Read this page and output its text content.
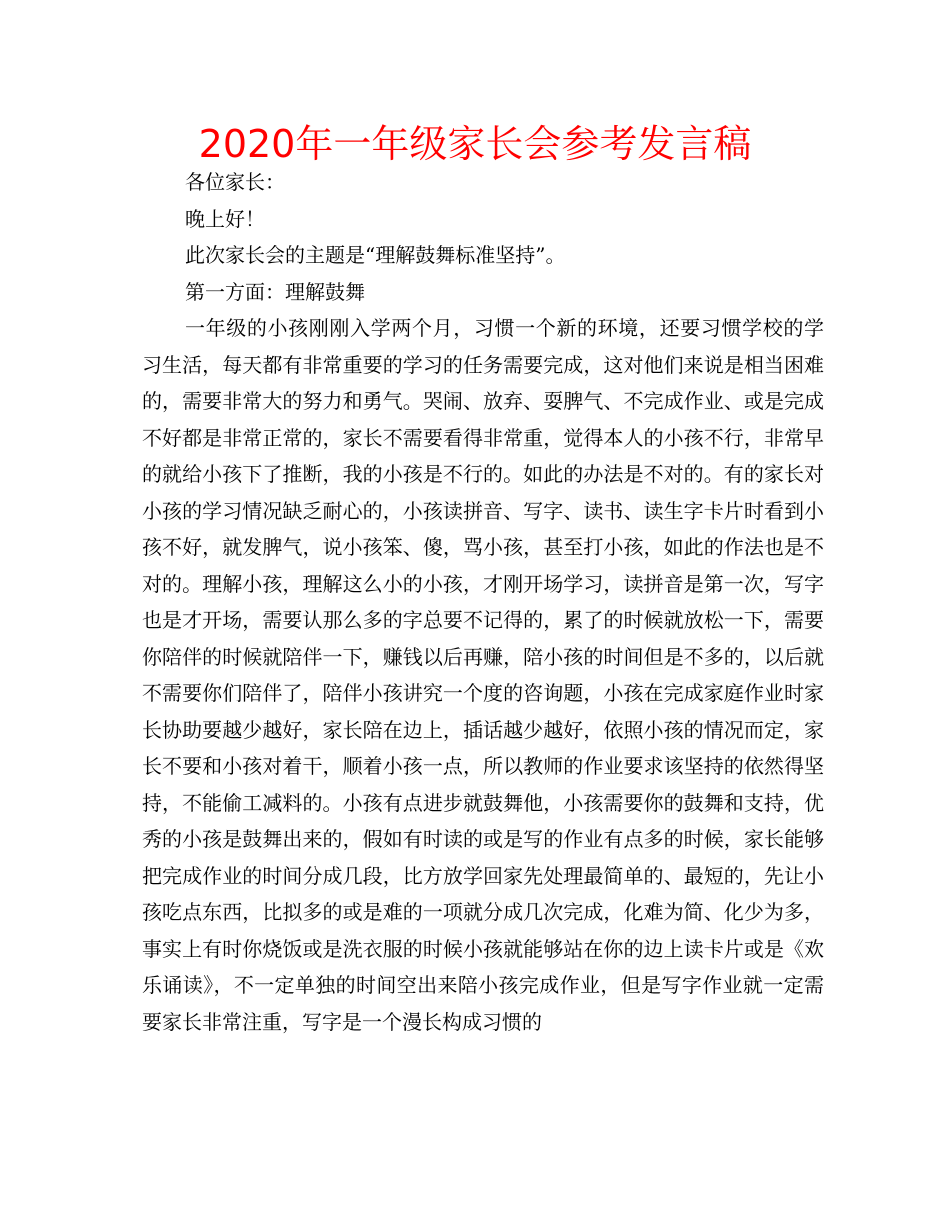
2020年一年级家长会参考发言稿

各位家长：

晚上好！

此次家长会的主题是“理解鼓舞标准坚持”。

第一方面：理解鼓舞

一年级的小孩刚刚入学两个月，习惯一个新的环境，还要习惯学校的学习生活，每天都有非常重要的学习的任务需要完成，这对他们来说是相当困难的，需要非常大的努力和勇气。哭闹、放弃、耍脾气、不完成作业、或是完成不好都是非常正常的，家长不需要看得非常重，觉得本人的小孩不行，非常早的就给小孩下了推断，我的小孩是不行的。如此的办法是不对的。有的家长对小孩的学习情况缺乏耐心的，小孩读拼音、写字、读书、读生字卡片时看到小孩不好，就发脾气，说小孩笨、傻，骂小孩，甚至打小孩，如此的作法也是不对的。理解小孩，理解这么小的小孩，才刚开场学习，读拼音是第一次，写字也是才开场，需要认那么多的字总要不记得的，累了的时候就放松一下，需要你陪伴的时候就陪伴一下，赚钱以后再赚，陪小孩的时间但是不多的，以后就不需要你们陪伴了，陪伴小孩讲究一个度的咨询题，小孩在完成家庭作业时家长协助要越少越好，家长陪在边上，插话越少越好，依照小孩的情况而定，家长不要和小孩对着干，顺着小孩一点，所以教师的作业要求该坚持的依然得坚持，不能偷工减料的。小孩有点进步就鼓舞他，小孩需要你的鼓舞和支持，优秀的小孩是鼓舞出来的，假如有时读的或是写的作业有点多的时候，家长能够把完成作业的时间分成几段，比方放学回家先处理最简单的、最短的，先让小孩吃点东西，比拟多的或是难的一项就分成几次完成，化难为简、化少为多，事实上有时你烧饭或是洗衣服的时候小孩就能够站在你的边上读卡片或是《欢乐诵读》，不一定单独的时间空出来陪小孩完成作业，但是写字作业就一定需要家长非常注重，写字是一个漫长构成习惯的
